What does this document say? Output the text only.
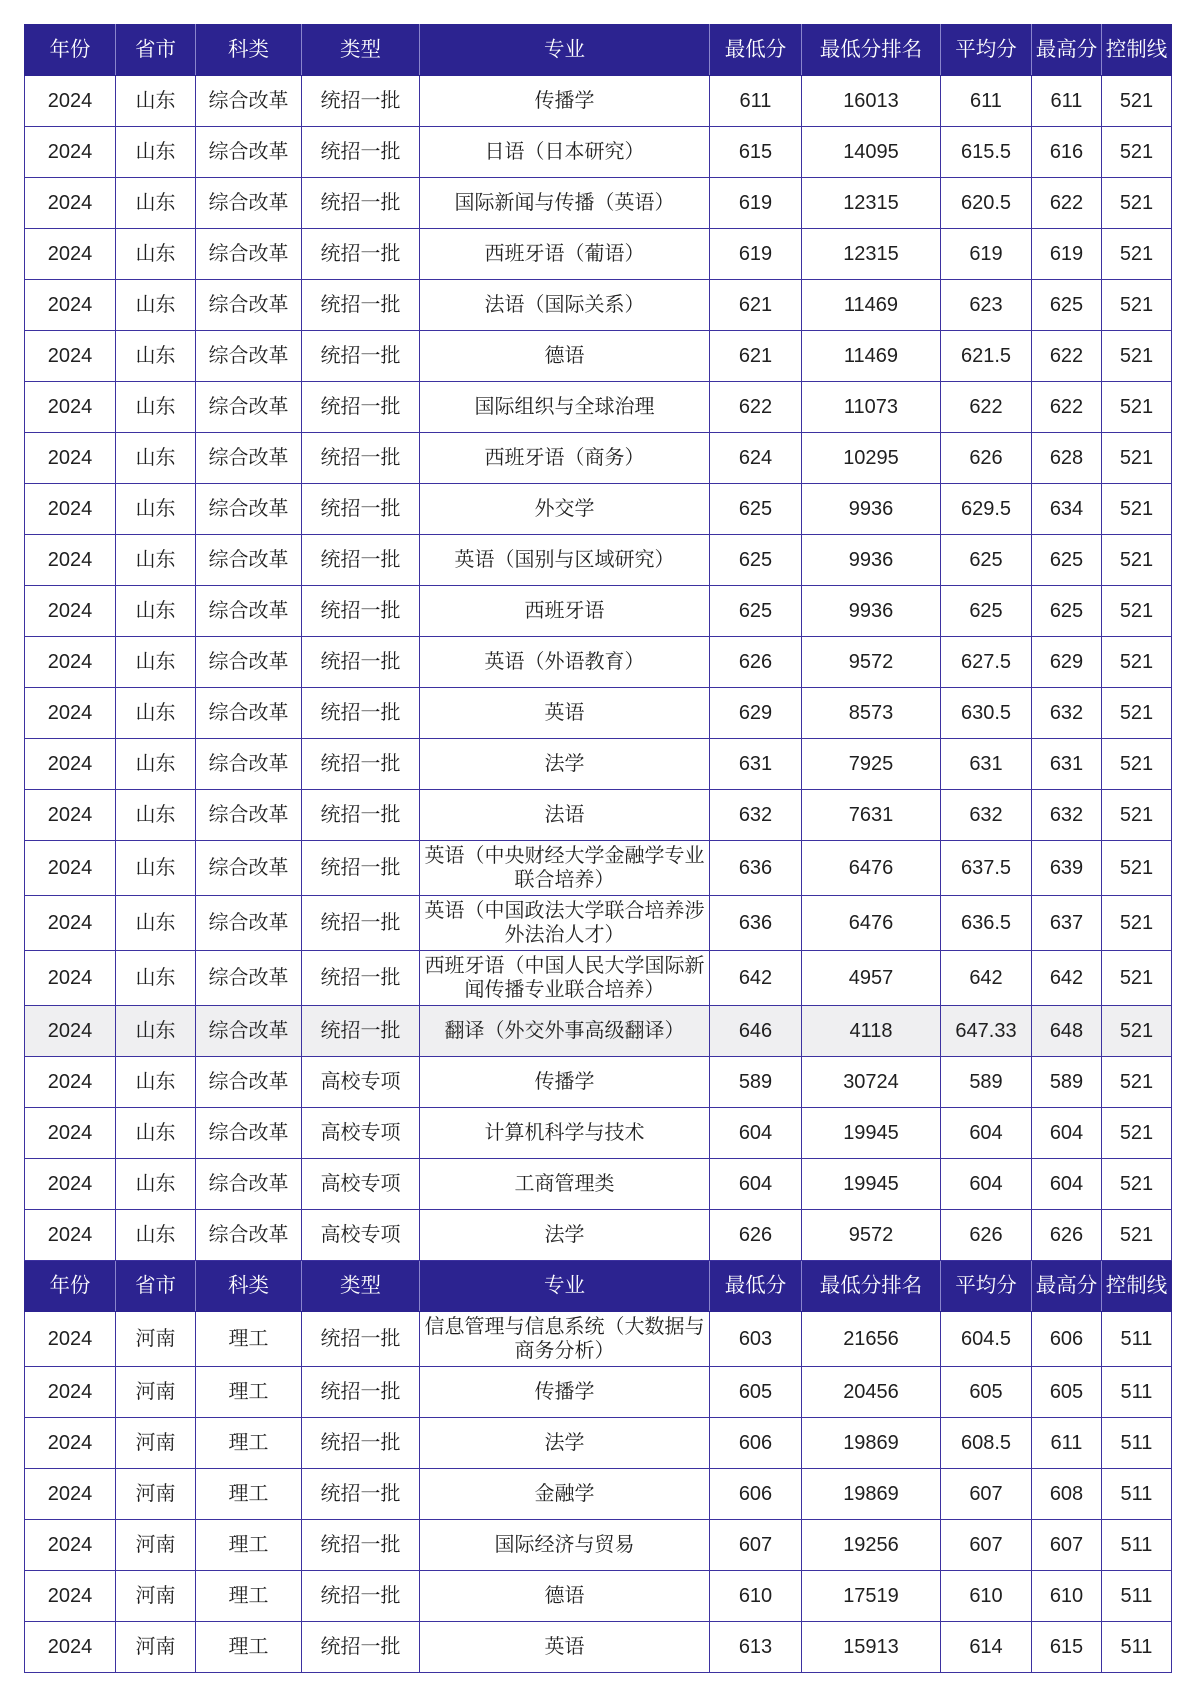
年份	省市	科类	类型	专业	最低分	最低分排名	平均分	最高分	控制线
2024	山东	综合改革	统招一批	传播学	611	16013	611	611	521
2024	山东	综合改革	统招一批	日语（日本研究）	615	14095	615.5	616	521
2024	山东	综合改革	统招一批	国际新闻与传播（英语）	619	12315	620.5	622	521
2024	山东	综合改革	统招一批	西班牙语（葡语）	619	12315	619	619	521
2024	山东	综合改革	统招一批	法语（国际关系）	621	11469	623	625	521
2024	山东	综合改革	统招一批	德语	621	11469	621.5	622	521
2024	山东	综合改革	统招一批	国际组织与全球治理	622	11073	622	622	521
2024	山东	综合改革	统招一批	西班牙语（商务）	624	10295	626	628	521
2024	山东	综合改革	统招一批	外交学	625	9936	629.5	634	521
2024	山东	综合改革	统招一批	英语（国别与区域研究）	625	9936	625	625	521
2024	山东	综合改革	统招一批	西班牙语	625	9936	625	625	521
2024	山东	综合改革	统招一批	英语（外语教育）	626	9572	627.5	629	521
2024	山东	综合改革	统招一批	英语	629	8573	630.5	632	521
2024	山东	综合改革	统招一批	法学	631	7925	631	631	521
2024	山东	综合改革	统招一批	法语	632	7631	632	632	521
2024	山东	综合改革	统招一批	英语（中央财经大学金融学专业联合培养）	636	6476	637.5	639	521
2024	山东	综合改革	统招一批	英语（中国政法大学联合培养涉外法治人才）	636	6476	636.5	637	521
2024	山东	综合改革	统招一批	西班牙语（中国人民大学国际新闻传播专业联合培养）	642	4957	642	642	521
2024	山东	综合改革	统招一批	翻译（外交外事高级翻译）	646	4118	647.33	648	521
2024	山东	综合改革	高校专项	传播学	589	30724	589	589	521
2024	山东	综合改革	高校专项	计算机科学与技术	604	19945	604	604	521
2024	山东	综合改革	高校专项	工商管理类	604	19945	604	604	521
2024	山东	综合改革	高校专项	法学	626	9572	626	626	521
年份	省市	科类	类型	专业	最低分	最低分排名	平均分	最高分	控制线
2024	河南	理工	统招一批	信息管理与信息系统（大数据与商务分析）	603	21656	604.5	606	511
2024	河南	理工	统招一批	传播学	605	20456	605	605	511
2024	河南	理工	统招一批	法学	606	19869	608.5	611	511
2024	河南	理工	统招一批	金融学	606	19869	607	608	511
2024	河南	理工	统招一批	国际经济与贸易	607	19256	607	607	511
2024	河南	理工	统招一批	德语	610	17519	610	610	511
2024	河南	理工	统招一批	英语	613	15913	614	615	511
